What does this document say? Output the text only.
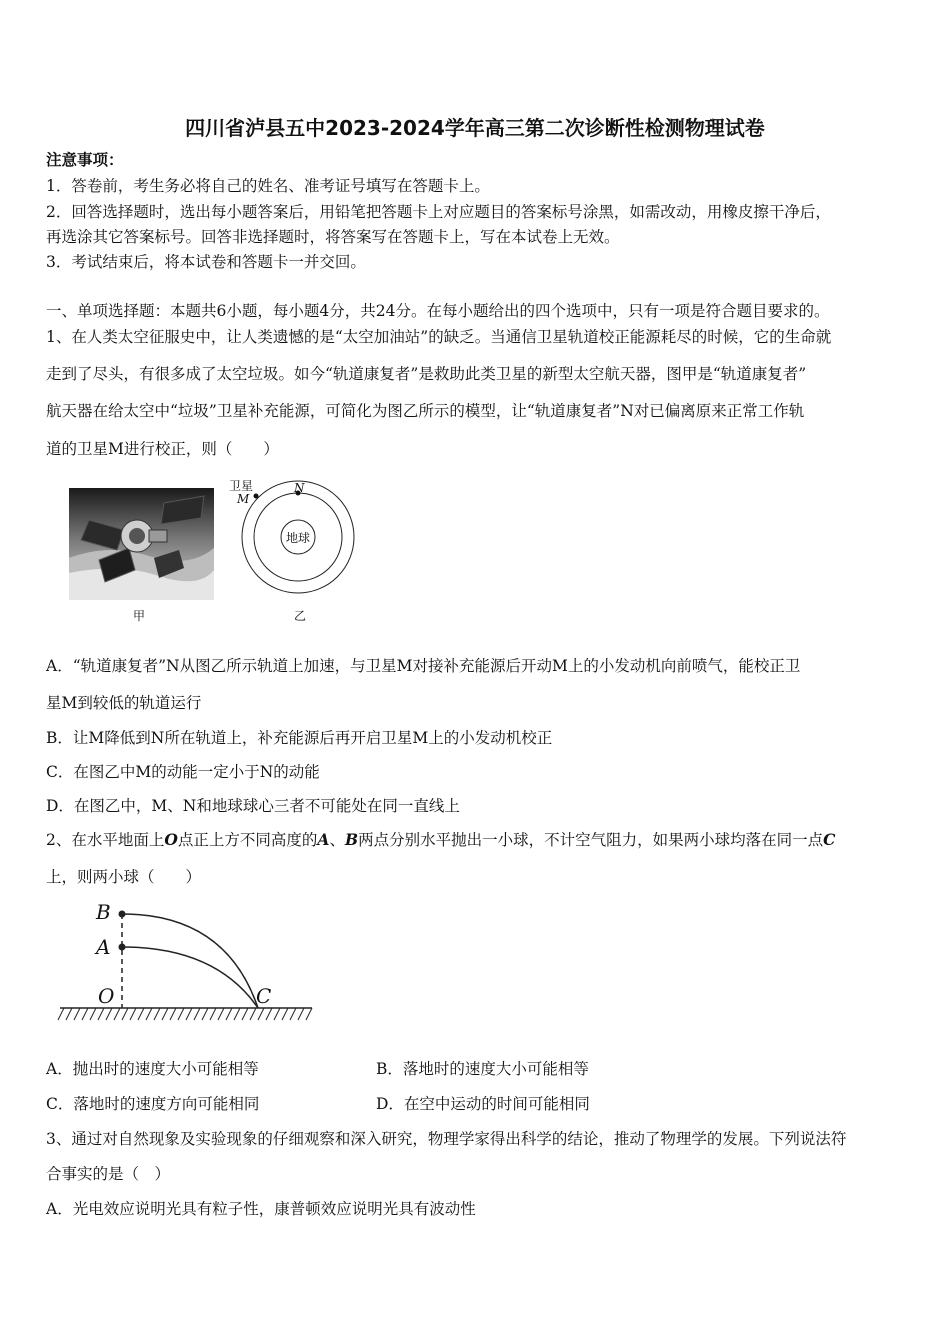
四川省泸县五中2023-2024学年高三第二次诊断性检测物理试卷
注意事项：
1．答卷前，考生务必将自己的姓名、准考证号填写在答题卡上。
2．回答选择题时，选出每小题答案后，用铅笔把答题卡上对应题目的答案标号涂黑，如需改动，用橡皮擦干净后，
再选涂其它答案标号。回答非选择题时，将答案写在答题卡上，写在本试卷上无效。
3．考试结束后，将本试卷和答题卡一并交回。
一、单项选择题：本题共6小题，每小题4分，共24分。在每小题给出的四个选项中，只有一项是符合题目要求的。
1、在人类太空征服史中，让人类遗憾的是“太空加油站”的缺乏。当通信卫星轨道校正能源耗尽的时候，它的生命就
走到了尽头，有很多成了太空垃圾。如今“轨道康复者”是救助此类卫星的新型太空航天器，图甲是“轨道康复者”
航天器在给太空中“垃圾”卫星补充能源，可简化为图乙所示的模型，让“轨道康复者”N对已偏离原来正常工作轨
道的卫星M进行校正，则（　　）
甲
卫星
M
N
地球
乙
A．“轨道康复者”N从图乙所示轨道上加速，与卫星M对接补充能源后开动M上的小发动机向前喷气，能校正卫
星M到较低的轨道运行
B．让M降低到N所在轨道上，补充能源后再开启卫星M上的小发动机校正
C．在图乙中M的动能一定小于N的动能
D．在图乙中，M、N和地球球心三者不可能处在同一直线上
2、在水平地面上O点正上方不同高度的A、B两点分别水平抛出一小球，不计空气阻力，如果两小球均落在同一点C
上，则两小球（　　）
B
A
O	C
A．抛出时的速度大小可能相等	B．落地时的速度大小可能相等
C．落地时的速度方向可能相同	D．在空中运动的时间可能相同
3、通过对自然现象及实验现象的仔细观察和深入研究，物理学家得出科学的结论，推动了物理学的发展。下列说法符
合事实的是（　）
A．光电效应说明光具有粒子性，康普顿效应说明光具有波动性
